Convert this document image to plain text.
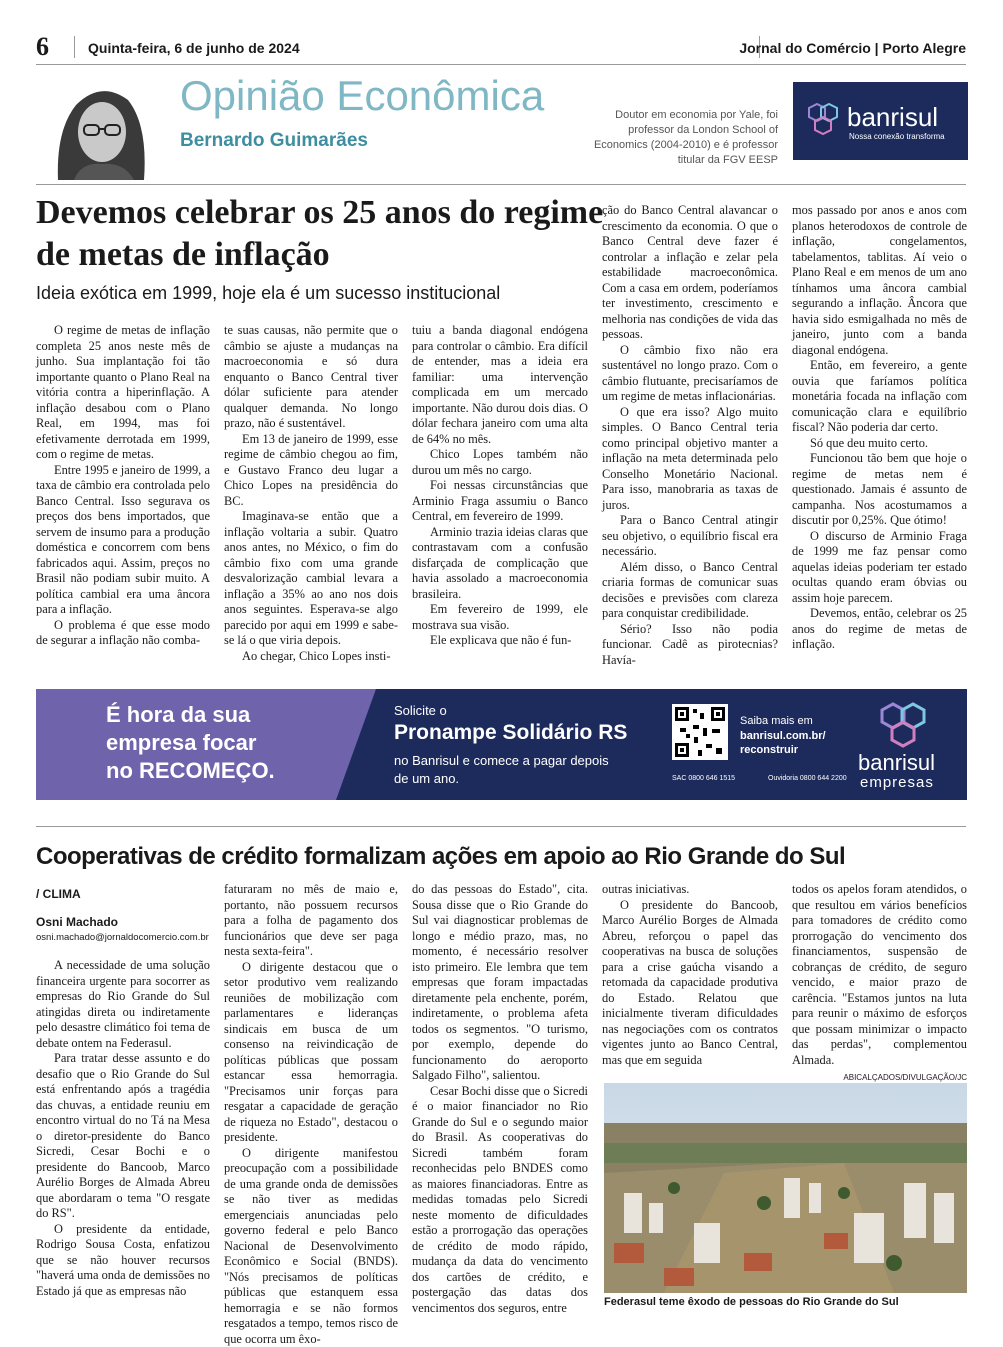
6	Quinta-feira, 6 de junho de 2024	Jornal do Comércio | Porto Alegre
Opinião Econômica
Bernardo Guimarães
Doutor em economia por Yale, foi professor da London School of Economics (2004-2010) e é professor titular da FGV EESP
banrisul
Nossa conexão transforma
Devemos celebrar os 25 anos do regime de metas de inflação
Ideia exótica em 1999, hoje ela é um sucesso institucional

O regime de metas de inflação completa 25 anos neste mês de junho. Sua implantação foi tão importante quanto o Plano Real na vitória contra a hiperinflação. A inflação desabou com o Plano Real, em 1994, mas foi efetivamente derrotada em 1999, com o regime de metas.

Entre 1995 e janeiro de 1999, a taxa de câmbio era controlada pelo Banco Central. Isso segurava os preços dos bens importados, que servem de insumo para a produção doméstica e concorrem com bens fabricados aqui. Assim, preços no Brasil não podiam subir muito. A política cambial era uma âncora para a inflação.

O problema é que esse modo de segurar a inflação não comba-

te suas causas, não permite que o câmbio se ajuste a mudanças na macroeconomia e só dura enquanto o Banco Central tiver dólar suficiente para atender qualquer demanda. No longo prazo, não é sustentável.

Em 13 de janeiro de 1999, esse regime de câmbio chegou ao fim, e Gustavo Franco deu lugar a Chico Lopes na presidência do BC.

Imaginava-se então que a inflação voltaria a subir. Quatro anos antes, no México, o fim do câmbio fixo com uma grande desvalorização cambial levara a inflação a 35% ao ano nos dois anos seguintes. Esperava-se algo parecido por aqui em 1999 e sabe-se lá o que viria depois.

Ao chegar, Chico Lopes insti-

tuiu a banda diagonal endógena para controlar o câmbio. Era difícil de entender, mas a ideia era familiar: uma intervenção complicada em um mercado importante. Não durou dois dias. O dólar fechara janeiro com uma alta de 64% no mês.

Chico Lopes também não durou um mês no cargo.

Foi nessas circunstâncias que Arminio Fraga assumiu o Banco Central, em fevereiro de 1999.

Arminio trazia ideias claras que contrastavam com a confusão disfarçada de complicação que havia assolado a macroeconomia brasileira.

Em fevereiro de 1999, ele mostrava sua visão.

Ele explicava que não é fun-

ção do Banco Central alavancar o crescimento da economia. O que o Banco Central deve fazer é controlar a inflação e zelar pela estabilidade macroeconômica. Com a casa em ordem, poderíamos ter investimento, crescimento e melhoria nas condições de vida das pessoas.

O câmbio fixo não era sustentável no longo prazo. Com o câmbio flutuante, precisaríamos de um regime de metas inflacionárias.

O que era isso? Algo muito simples. O Banco Central teria como principal objetivo manter a inflação na meta determinada pelo Conselho Monetário Nacional. Para isso, manobraria as taxas de juros.

Para o Banco Central atingir seu objetivo, o equilíbrio fiscal era necessário.

Além disso, o Banco Central criaria formas de comunicar suas decisões e previsões com clareza para conquistar credibilidade.

Sério? Isso não podia funcionar. Cadê as pirotecnias? Havía-

mos passado por anos e anos com planos heterodoxos de controle de inflação, congelamentos, tabelamentos, tablitas. Aí veio o Plano Real e em menos de um ano tínhamos uma âncora cambial segurando a inflação. Âncora que havia sido esmigalhada no mês de janeiro, junto com a banda diagonal endógena.

Então, em fevereiro, a gente ouvia que faríamos política monetária focada na inflação com comunicação clara e equilíbrio fiscal? Não poderia dar certo.

Só que deu muito certo.

Funcionou tão bem que hoje o regime de metas nem é questionado. Jamais é assunto de campanha. Nos acostumamos a discutir por 0,25%. Que ótimo!

O discurso de Arminio Fraga de 1999 me faz pensar como aquelas ideias poderiam ter estado ocultas quando eram óbvias ou assim hoje parecem.

Devemos, então, celebrar os 25 anos do regime de metas de inflação.

É hora da sua
empresa focar
no RECOMEÇO.
Solicite o
Pronampe Solidário RS
no Banrisul e comece a pagar depois
de um ano.
Saiba mais em
banrisul.com.br/
reconstruir
SAC 0800 646 1515	Ouvidoria 0800 644 2200
banrisul
empresas
Cooperativas de crédito formalizam ações em apoio ao Rio Grande do Sul
/ CLIMA
Osni Machado
osni.machado@jornaldocomercio.com.br

A necessidade de uma solução financeira urgente para socorrer as empresas do Rio Grande do Sul atingidas direta ou indiretamente pelo desastre climático foi tema de debate ontem na Federasul.

Para tratar desse assunto e do desafio que o Rio Grande do Sul está enfrentando após a tragédia das chuvas, a entidade reuniu em encontro virtual do no Tá na Mesa o diretor-presidente do Banco Sicredi, Cesar Bochi e o presidente do Bancoob, Marco Aurélio Borges de Almada Abreu que abordaram o tema "O resgate do RS".

O presidente da entidade, Rodrigo Sousa Costa, enfatizou que se não houver recursos "haverá uma onda de demissões no Estado já que as empresas não

faturaram no mês de maio e, portanto, não possuem recursos para a folha de pagamento dos funcionários que deve ser paga nesta sexta-feira".

O dirigente destacou que o setor produtivo vem realizando reuniões de mobilização com parlamentares e lideranças sindicais em busca de um consenso na reivindicação de políticas públicas que possam estancar essa hemorragia. "Precisamos unir forças para resgatar a capacidade de geração de riqueza no Estado", destacou o presidente.

O dirigente manifestou preocupação com a possibilidade de uma grande onda de demissões se não tiver as medidas emergenciais anunciadas pelo governo federal e pelo Banco Nacional de Desenvolvimento Econômico e Social (BNDS). "Nós precisamos de políticas públicas que estanquem essa hemorragia e se não formos resgatados a tempo, temos risco de que ocorra um êxo-

do das pessoas do Estado", cita. Sousa disse que o Rio Grande do Sul vai diagnosticar problemas de longo e médio prazo, mas, no momento, é necessário resolver isto primeiro. Ele lembra que tem empresas que foram impactadas diretamente pela enchente, porém, indiretamente, o problema afeta todos os segmentos. "O turismo, por exemplo, depende do funcionamento do aeroporto Salgado Filho", salientou.

Cesar Bochi disse que o Sicredi é o maior financiador no Rio Grande do Sul e o segundo maior do Brasil. As cooperativas do Sicredi também foram reconhecidas pelo BNDES como as maiores financiadoras. Entre as medidas tomadas pelo Sicredi neste momento de dificuldades estão a prorrogação das operações de crédito de modo rápido, mudança da data do vencimento dos cartões de crédito, e postergação das datas dos vencimentos dos seguros, entre

outras iniciativas.

O presidente do Bancoob, Marco Aurélio Borges de Almada Abreu, reforçou o papel das cooperativas na busca de soluções para a crise gaúcha visando a retomada da capacidade produtiva do Estado. Relatou que inicialmente tiveram dificuldades nas negociações com os contratos vigentes junto ao Banco Central, mas que em seguida

todos os apelos foram atendidos, o que resultou em vários benefícios para tomadores de crédito como prorrogação do vencimento dos financiamentos, suspensão de cobranças de crédito, de seguro vencido, e maior prazo de carência. "Estamos juntos na luta para reunir o máximo de esforços que possam minimizar o impacto das perdas", complementou Almada.

ABICALÇADOS/DIVULGAÇÃO/JC
Federasul teme êxodo de pessoas do Rio Grande do Sul
